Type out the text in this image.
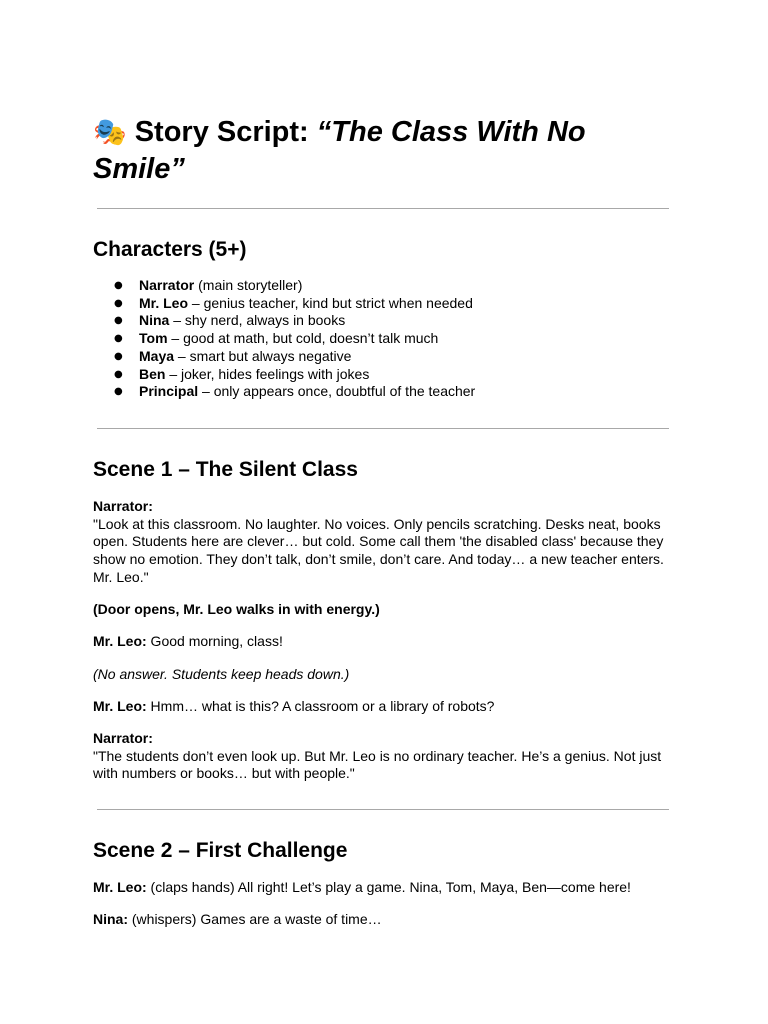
🎭 Story Script: “The Class With No Smile”
Characters (5+)
● Narrator (main storyteller)
● Mr. Leo – genius teacher, kind but strict when needed
● Nina – shy nerd, always in books
● Tom – good at math, but cold, doesn’t talk much
● Maya – smart but always negative
● Ben – joker, hides feelings with jokes
● Principal – only appears once, doubtful of the teacher
Scene 1 – The Silent Class
Narrator:
"Look at this classroom. No laughter. No voices. Only pencils scratching. Desks neat, books open. Students here are clever… but cold. Some call them 'the disabled class' because they show no emotion. They don’t talk, don’t smile, don’t care. And today… a new teacher enters. Mr. Leo."
(Door opens, Mr. Leo walks in with energy.)
Mr. Leo: Good morning, class!
(No answer. Students keep heads down.)
Mr. Leo: Hmm… what is this? A classroom or a library of robots?
Narrator:
"The students don’t even look up. But Mr. Leo is no ordinary teacher. He’s a genius. Not just with numbers or books… but with people."
Scene 2 – First Challenge
Mr. Leo: (claps hands) All right! Let’s play a game. Nina, Tom, Maya, Ben—come here!
Nina: (whispers) Games are a waste of time…
